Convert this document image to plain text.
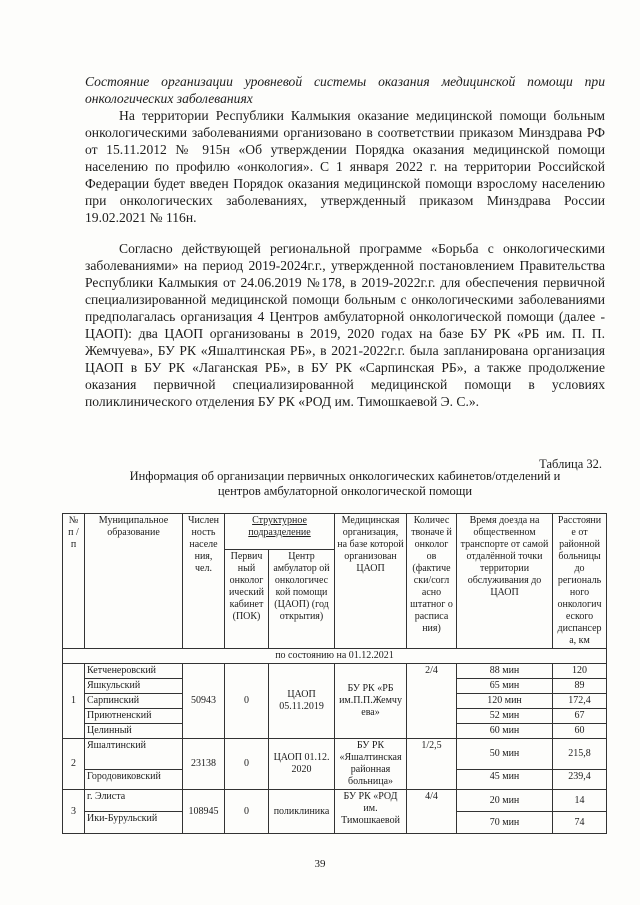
Состояние организации уровневой системы оказания медицинской помощи при онкологических заболеваниях

На территории Республики Калмыкия оказание медицинской помощи больным онкологическими заболеваниями организовано в соответствии приказом Минздрава РФ от 15.11.2012 № 915н «Об утверждении Порядка оказания медицинской помощи населению по профилю «онкология». С 1 января 2022 г. на территории Российской Федерации будет введен Порядок оказания медицинской помощи взрослому населению при онкологических заболеваниях, утвержденный приказом Минздрава России 19.02.2021 № 116н.

Согласно действующей региональной программе «Борьба с онкологическими заболеваниями» на период 2019-2024г.г., утвержденной постановлением Правительства Республики Калмыкия от 24.06.2019 №178, в 2019-2022г.г. для обеспечения первичной специализированной медицинской помощи больным с онкологическими заболеваниями предполагалась организация 4 Центров амбулаторной онкологической помощи (далее - ЦАОП): два ЦАОП организованы в 2019, 2020 годах на базе БУ РК «РБ им. П. П. Жемчуева», БУ РК «Яшалтинская РБ», в 2021-2022г.г. была запланирована организация ЦАОП в БУ РК «Лаганская РБ», в БУ РК «Сарпинская РБ», а также продолжение оказания первичной специализированной медицинской помощи в условиях поликлинического отделения БУ РК «РОД им. Тимошкаевой Э. С.».

Таблица 32.
Информация об организации первичных онкологических кабинетов/отделений и
центров амбулаторной онкологической помощи
№ п / п	Муниципальное образование	Числен ность населе ния, чел.	Структурное подразделение		Медицинская организация, на базе которой организован ЦАОП	Количес твоначе й онколог ов (фактиче ски/согл асно штатног о расписа ния)	Время доезда на общественном транспорте от самой отдалённой точки территории обслуживания до ЦАОП	Расстояни е от районной больницы до региональ ного онкологич еского диспансер а, км
			Первич ный онколог ический кабинет (ПОК)	Центр амбулатор ой онкологичес кой помощи (ЦАОП) (год открытия)				
по состоянию на 01.12.2021								
1	Кетченеровский	50943	0	ЦАОП 05.11.2019	БУ РК «РБ им.П.П.Жемчу ева»	2/4	88 мин	120
	Яшкульский						65 мин	89
	Сарпинский						120 мин	172,4
	Приютненский						52 мин	67
	Целинный						60 мин	60
2	Яшалтинский	23138	0	ЦАОП 01.12. 2020	БУ РК «Яшалтинская районная больница»	1/2,5	50 мин	215,8
	Городовиковский						45 мин	239,4
3	г. Элиста	108945	0	поликлиника	БУ РК «РОД им. Тимошкаевой	4/4	20 мин	14
	Ики-Бурульский						70 мин	74
39
